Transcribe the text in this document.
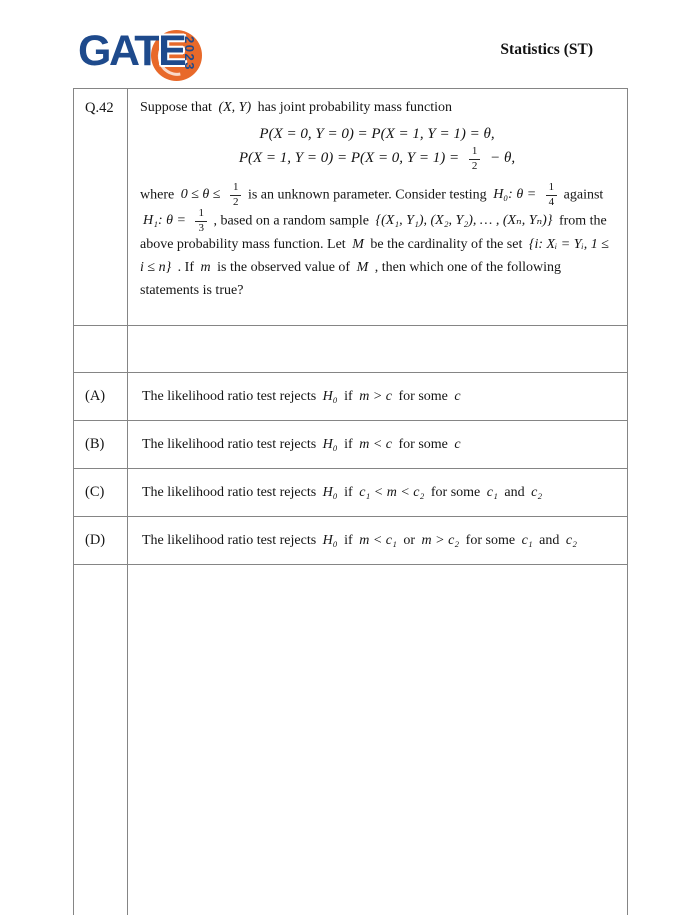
GATE
2023	Statistics (ST)
Q.42	Suppose that (X, Y) has joint probability mass function
P(X = 0, Y = 0) = P(X = 1, Y = 1) = θ,
P(X = 1, Y = 0) = P(X = 0, $Y = 1) = \frac{1}{2} - \theta$,
where $0 \le \theta \le \frac{1}{2}$ is an unknown parameter. Consider testing H₀: $\theta = \frac{1}{4}$ against H₁: $\theta = \frac{1}{3}$ , based on a random sample {(X₁, Y₁), (X₂, Y₂), … , (Xₙ, Yₙ)} from the above probability mass function. Let M be the cardinality of the set {i: Xᵢ = Yᵢ, 1 ≤ i ≤ n} . If m is the observed value of M , then which one of the following statements is true?

(A)	The likelihood ratio test rejects H₀ if m > c for some c

(B)	The likelihood ratio test rejects H₀ if m < c for some c

(C)	The likelihood ratio test rejects H₀ if c₁ < m < c₂ for some c₁ and c₂

(D)	The likelihood ratio test rejects H₀ if m < c₁ or m > c₂ for some c₁ and c₂
